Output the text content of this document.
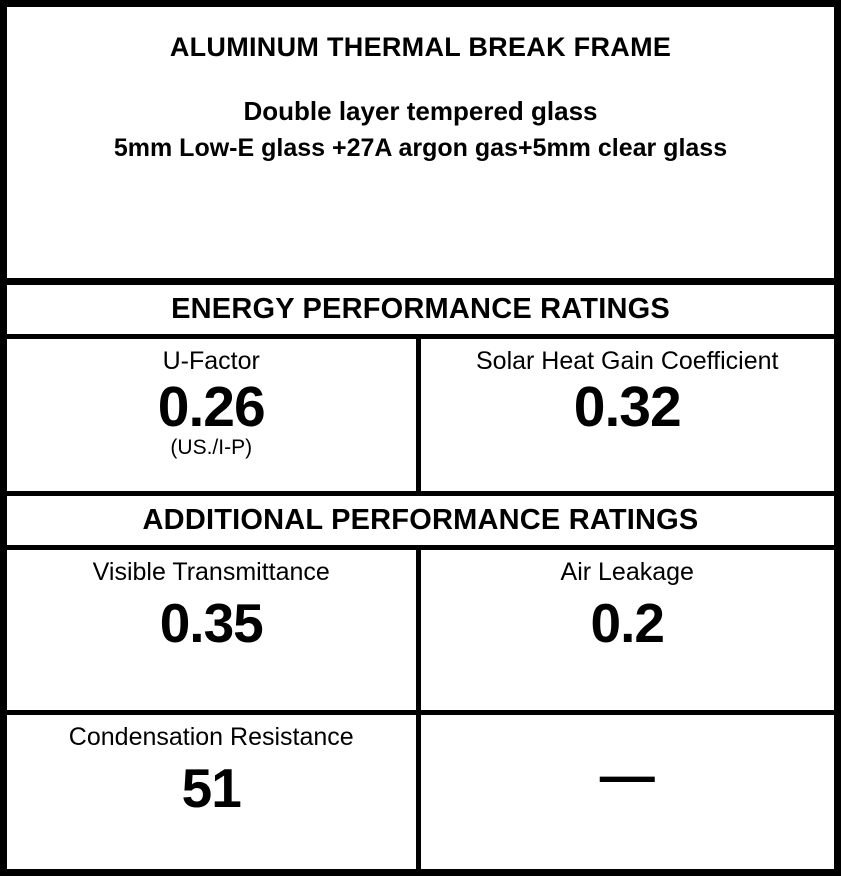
ALUMINUM THERMAL BREAK FRAME
Double layer tempered glass
5mm Low-E glass +27A argon gas+5mm clear glass
ENERGY PERFORMANCE RATINGS
U-Factor
0.26
(US./I-P)
Solar Heat Gain Coefficient
0.32
ADDITIONAL PERFORMANCE RATINGS
Visible Transmittance
0.35
Air Leakage
0.2
Condensation Resistance
51	—
